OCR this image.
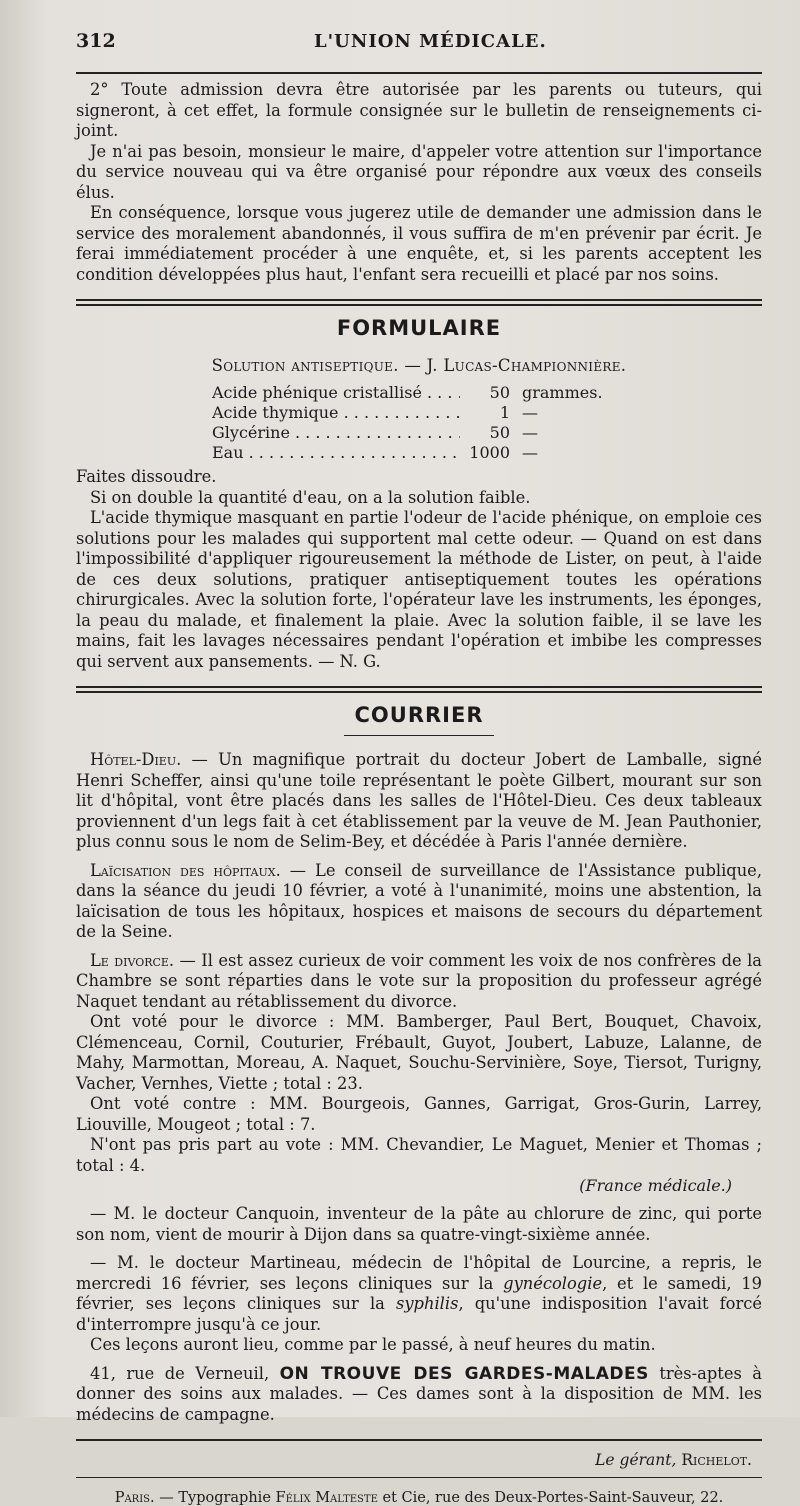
312	L'UNION MÉDICALE.

2° Toute admission devra être autorisée par les parents ou tuteurs, qui signeront, à cet effet, la formule consignée sur le bulletin de renseignements ci-joint.

Je n'ai pas besoin, monsieur le maire, d'appeler votre attention sur l'importance du service nouveau qui va être organisé pour répondre aux vœux des conseils élus.

En conséquence, lorsque vous jugerez utile de demander une admission dans le service des moralement abandonnés, il vous suffira de m'en prévenir par écrit. Je ferai immédiatement procéder à une enquête, et, si les parents acceptent les condition développées plus haut, l'enfant sera recueilli et placé par nos soins.

FORMULAIRE
Solution antiseptique. — J. Lucas-Championnière.
Acide phénique cristallisé . . .	50 grammes.
Acide thymique . . .	1 —
Glycérine . . .	50 —
Eau . . .	1000 —

Faites dissoudre.

Si on double la quantité d'eau, on a la solution faible.

L'acide thymique masquant en partie l'odeur de l'acide phénique, on emploie ces solutions pour les malades qui supportent mal cette odeur. — Quand on est dans l'impossibilité d'appliquer rigoureusement la méthode de Lister, on peut, à l'aide de ces deux solutions, pratiquer antiseptiquement toutes les opérations chirurgicales. Avec la solution forte, l'opérateur lave les instruments, les éponges, la peau du malade, et finalement la plaie. Avec la solution faible, il se lave les mains, fait les lavages nécessaires pendant l'opération et imbibe les compresses qui servent aux pansements. — N. G.

COURRIER

Hôtel-Dieu. — Un magnifique portrait du docteur Jobert de Lamballe, signé Henri Scheffer, ainsi qu'une toile représentant le poète Gilbert, mourant sur son lit d'hôpital, vont être placés dans les salles de l'Hôtel-Dieu. Ces deux tableaux proviennent d'un legs fait à cet établissement par la veuve de M. Jean Pauthonier, plus connu sous le nom de Selim-Bey, et décédée à Paris l'année dernière.

Laïcisation des hôpitaux. — Le conseil de surveillance de l'Assistance publique, dans la séance du jeudi 10 février, a voté à l'unanimité, moins une abstention, la laïcisation de tous les hôpitaux, hospices et maisons de secours du département de la Seine.

Le divorce. — Il est assez curieux de voir comment les voix de nos confrères de la Chambre se sont réparties dans le vote sur la proposition du professeur agrégé Naquet tendant au rétablissement du divorce.

Ont voté pour le divorce : MM. Bamberger, Paul Bert, Bouquet, Chavoix, Clémenceau, Cornil, Couturier, Frébault, Guyot, Joubert, Labuze, Lalanne, de Mahy, Marmottan, Moreau, A. Naquet, Souchu-Servinière, Soye, Tiersot, Turigny, Vacher, Vernhes, Viette ; total : 23.

Ont voté contre : MM. Bourgeois, Gannes, Garrigat, Gros-Gurin, Larrey, Liouville, Mougeot ; total : 7.

N'ont pas pris part au vote : MM. Chevandier, Le Maguet, Menier et Thomas ; total : 4.

(France médicale.)

— M. le docteur Canquoin, inventeur de la pâte au chlorure de zinc, qui porte son nom, vient de mourir à Dijon dans sa quatre-vingt-sixième année.

— M. le docteur Martineau, médecin de l'hôpital de Lourcine, a repris, le mercredi 16 février, ses leçons cliniques sur la gynécologie, et le samedi, 19 février, ses leçons cliniques sur la syphilis, qu'une indisposition l'avait forcé d'interrompre jusqu'à ce jour.

Ces leçons auront lieu, comme par le passé, à neuf heures du matin.

41, rue de Verneuil, ON TROUVE DES GARDES-MALADES très-aptes à donner des soins aux malades. — Ces dames sont à la disposition de MM. les médecins de campagne.

Le gérant, Richelot.
Paris. — Typographie Félix Malteste et Cie, rue des Deux-Portes-Saint-Sauveur, 22.
